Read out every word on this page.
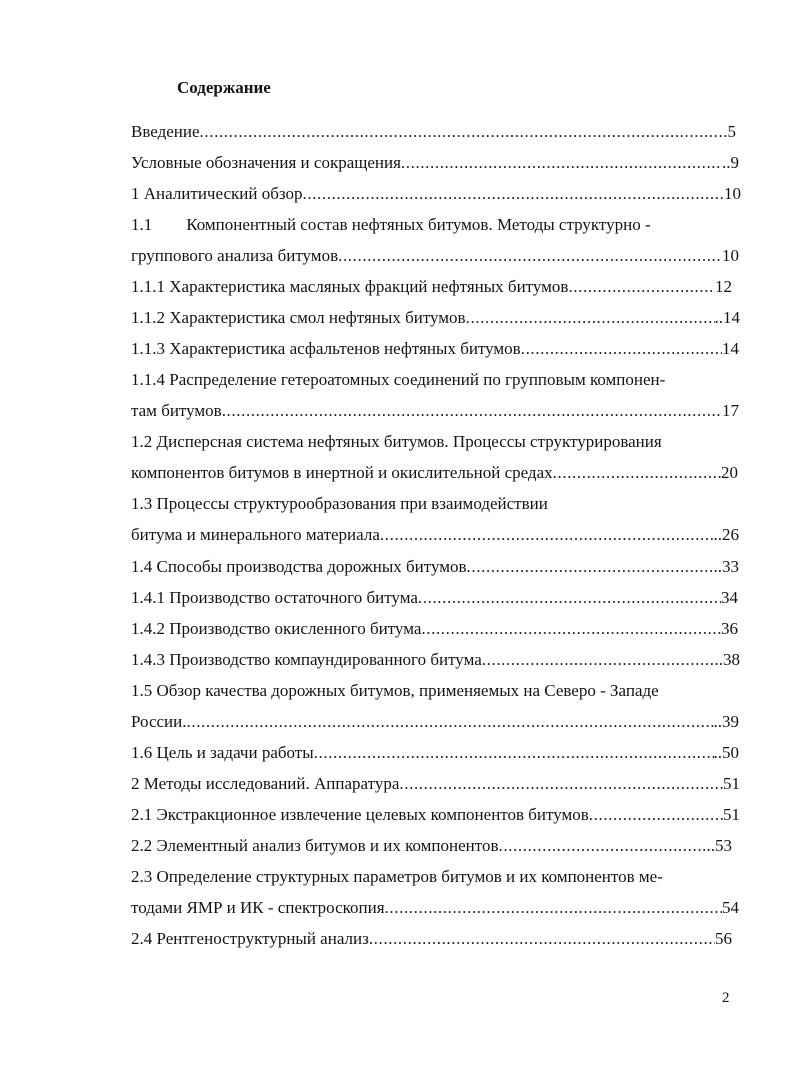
Содержание
Введение .....	.5
Условные обозначения и сокращения .....	..9
1 Аналитический обзор .....	10
1.1 Компонентный состав нефтяных битумов. Методы структурно -
группового анализа битумов .....	10
1.1.1 Характеристика масляных фракций нефтяных битумов .....	12
1.1.2 Характеристика смол нефтяных битумов .....	..14
1.1.3 Характеристика асфальтенов нефтяных битумов .....	14
1.1.4 Распределение гетероатомных соединений по групповым компонен-
там битумов .....	17
1.2 Дисперсная система нефтяных битумов. Процессы структурирования
компонентов битумов в инертной и окислительной средах .....	20
1.3 Процессы структурообразования при взаимодействии
битума и минерального материала .....	..26
1.4 Способы производства дорожных битумов .....	..33
1.4.1 Производство остаточного битума .....	34
1.4.2 Производство окисленного битума .....	36
1.4.3 Производство компаундированного битума .....	..38
1.5 Обзор качества дорожных битумов, применяемых на Северо - Западе
России. .....	..39
1.6 Цель и задачи работы .....	..50
2 Методы исследований. Аппаратура .....	51
2.1 Экстракционное извлечение целевых компонентов битумов .....	51
2.2 Элементный анализ битумов и их компонентов .....	..53
2.3 Определение структурных параметров битумов и их компонентов ме-
тодами ЯМР и ИК - спектроскопия .....	54
2.4 Рентгеноструктурный анализ .....	56
2
